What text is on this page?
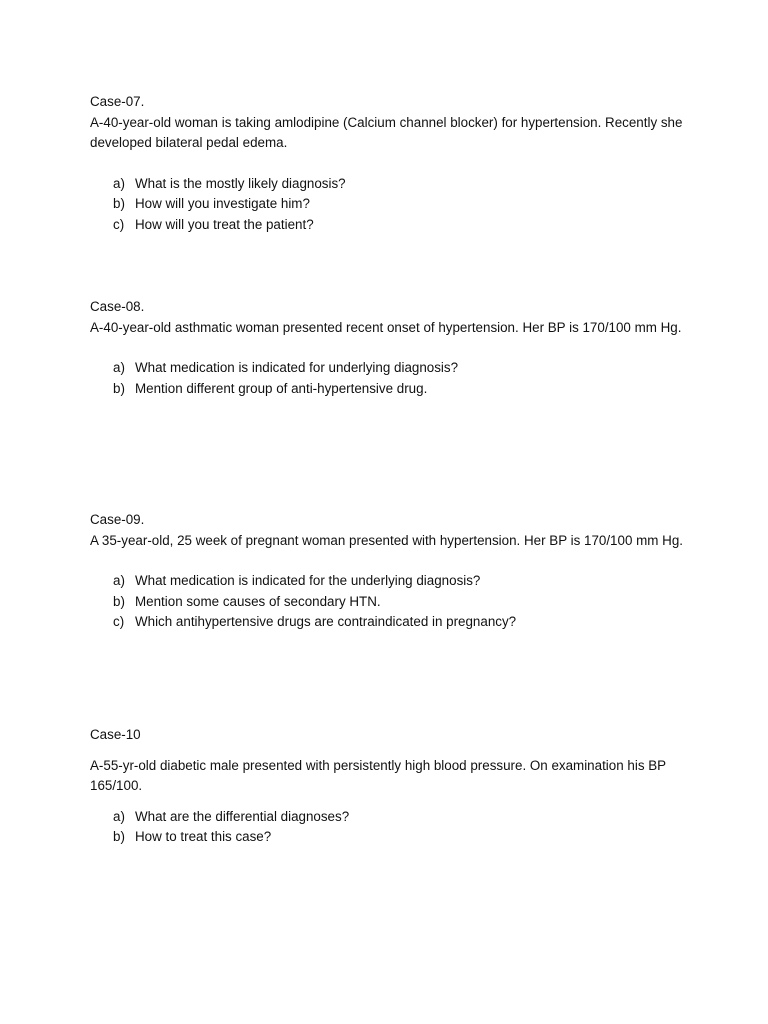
Case-07.

A-40-year-old woman is taking amlodipine (Calcium channel blocker) for hypertension. Recently she developed bilateral pedal edema.

a) What is the mostly likely diagnosis?
b) How will you investigate him?
c) How will you treat the patient?

Case-08.

A-40-year-old asthmatic woman presented recent onset of hypertension. Her BP is 170/100 mm Hg.

a) What medication is indicated for underlying diagnosis?
b) Mention different group of anti-hypertensive drug.

Case-09.

A 35-year-old, 25 week of pregnant woman presented with hypertension. Her BP is 170/100 mm Hg.

a) What medication is indicated for the underlying diagnosis?
b) Mention some causes of secondary HTN.
c) Which antihypertensive drugs are contraindicated in pregnancy?

Case-10

A-55-yr-old diabetic male presented with persistently high blood pressure. On examination his BP 165/100.

a) What are the differential diagnoses?
b) How to treat this case?
